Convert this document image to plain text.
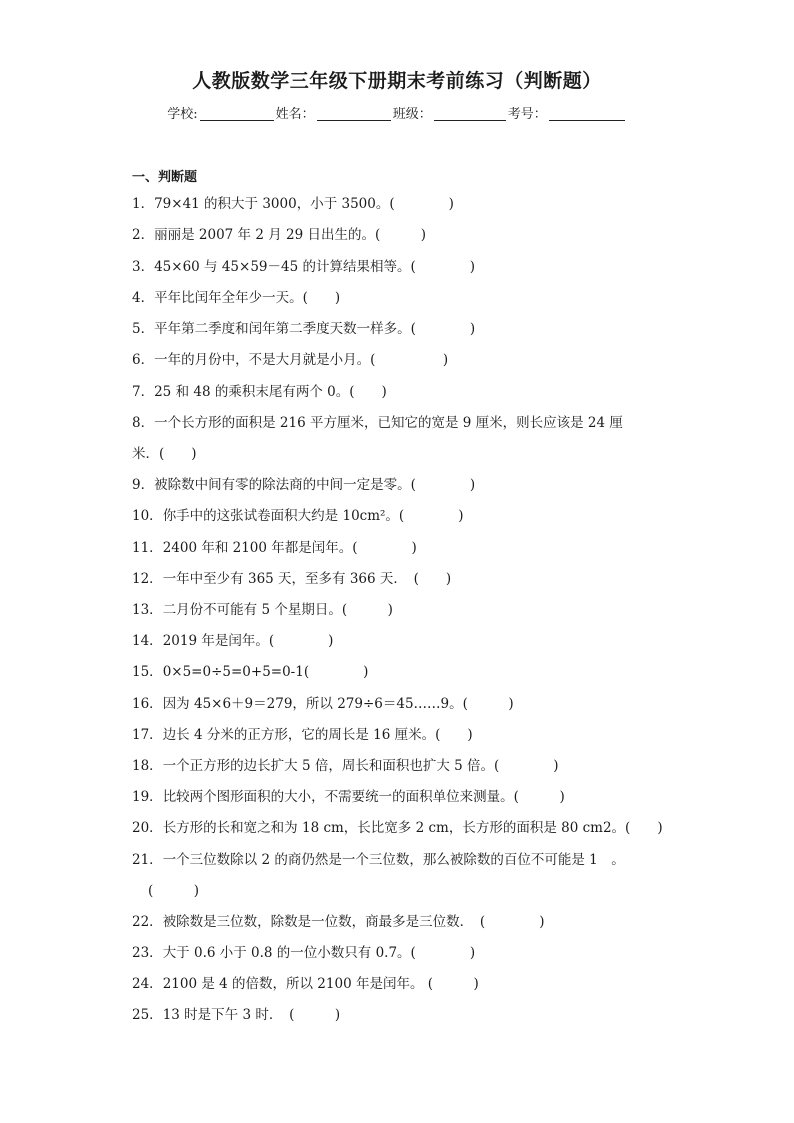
人教版数学三年级下册期末考前练习（判断题）
学校:	姓名：	班级：	考号：
一、判断题
1．79×41 的积大于 3000，小于 3500。(　　　　)
2．丽丽是 2007 年 2 月 29 日出生的。(　　　)
3．45×60 与 45×59－45 的计算结果相等。(　　　　)
4．平年比闰年全年少一天。(　　)
5．平年第二季度和闰年第二季度天数一样多。(　　　　)
6．一年的月份中，不是大月就是小月。(　　　　　)
7．25 和 48 的乘积末尾有两个 0。(　　)
8．一个长方形的面积是 216 平方厘米，已知它的宽是 9 厘米，则长应该是 24 厘
米．(　　)
9．被除数中间有零的除法商的中间一定是零。(　　　　)
10．你手中的这张试卷面积大约是 10cm²。(　　　　)
11．2400 年和 2100 年都是闰年。(　　　　)
12．一年中至少有 365 天，至多有 366 天．　(　　)
13．二月份不可能有 5 个星期日。(　　　)
14．2019 年是闰年。(　　　　)
15．0×5=0÷5=0+5=0-1(　　　　)
16．因为 45×6＋9＝279，所以 279÷6＝45……9。(　　　)
17．边长 4 分米的正方形，它的周长是 16 厘米。(　　)
18．一个正方形的边长扩大 5 倍，周长和面积也扩大 5 倍。(　　　　)
19．比较两个图形面积的大小，不需要统一的面积单位来测量。(　　　)
20．长方形的长和宽之和为 18 cm，长比宽多 2 cm，长方形的面积是 80 cm2。(　　)
21．一个三位数除以 2 的商仍然是一个三位数，那么被除数的百位不可能是 1　。
(　　　)
22．被除数是三位数，除数是一位数，商最多是三位数．　(　　　　)
23．大于 0.6 小于 0.8 的一位小数只有 0.7。(　　　　)
24．2100 是 4 的倍数，所以 2100 年是闰年。 (　　　)
25．13 时是下午 3 时．　(　　　)
